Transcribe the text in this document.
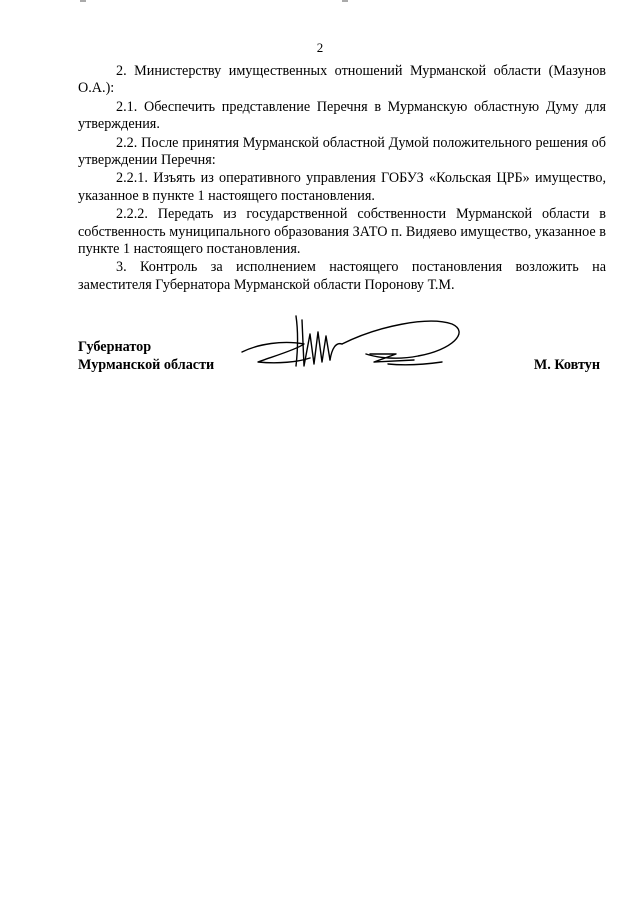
2

2. Министерству имущественных отношений Мурманской области (Мазунов О.А.):

2.1. Обеспечить представление Перечня в Мурманскую областную Думу для утверждения.

2.2. После принятия Мурманской областной Думой положительного решения об утверждении Перечня:

2.2.1. Изъять из оперативного управления ГОБУЗ «Кольская ЦРБ» имущество, указанное в пункте 1 настоящего постановления.

2.2.2. Передать из государственной собственности Мурманской области в собственность муниципального образования ЗАТО п. Видяево имущество, указанное в пункте 1 настоящего постановления.

3. Контроль за исполнением настоящего постановления возложить на заместителя Губернатора Мурманской области Поронову Т.М.

Губернатор
Мурманской области	М. Ковтун
